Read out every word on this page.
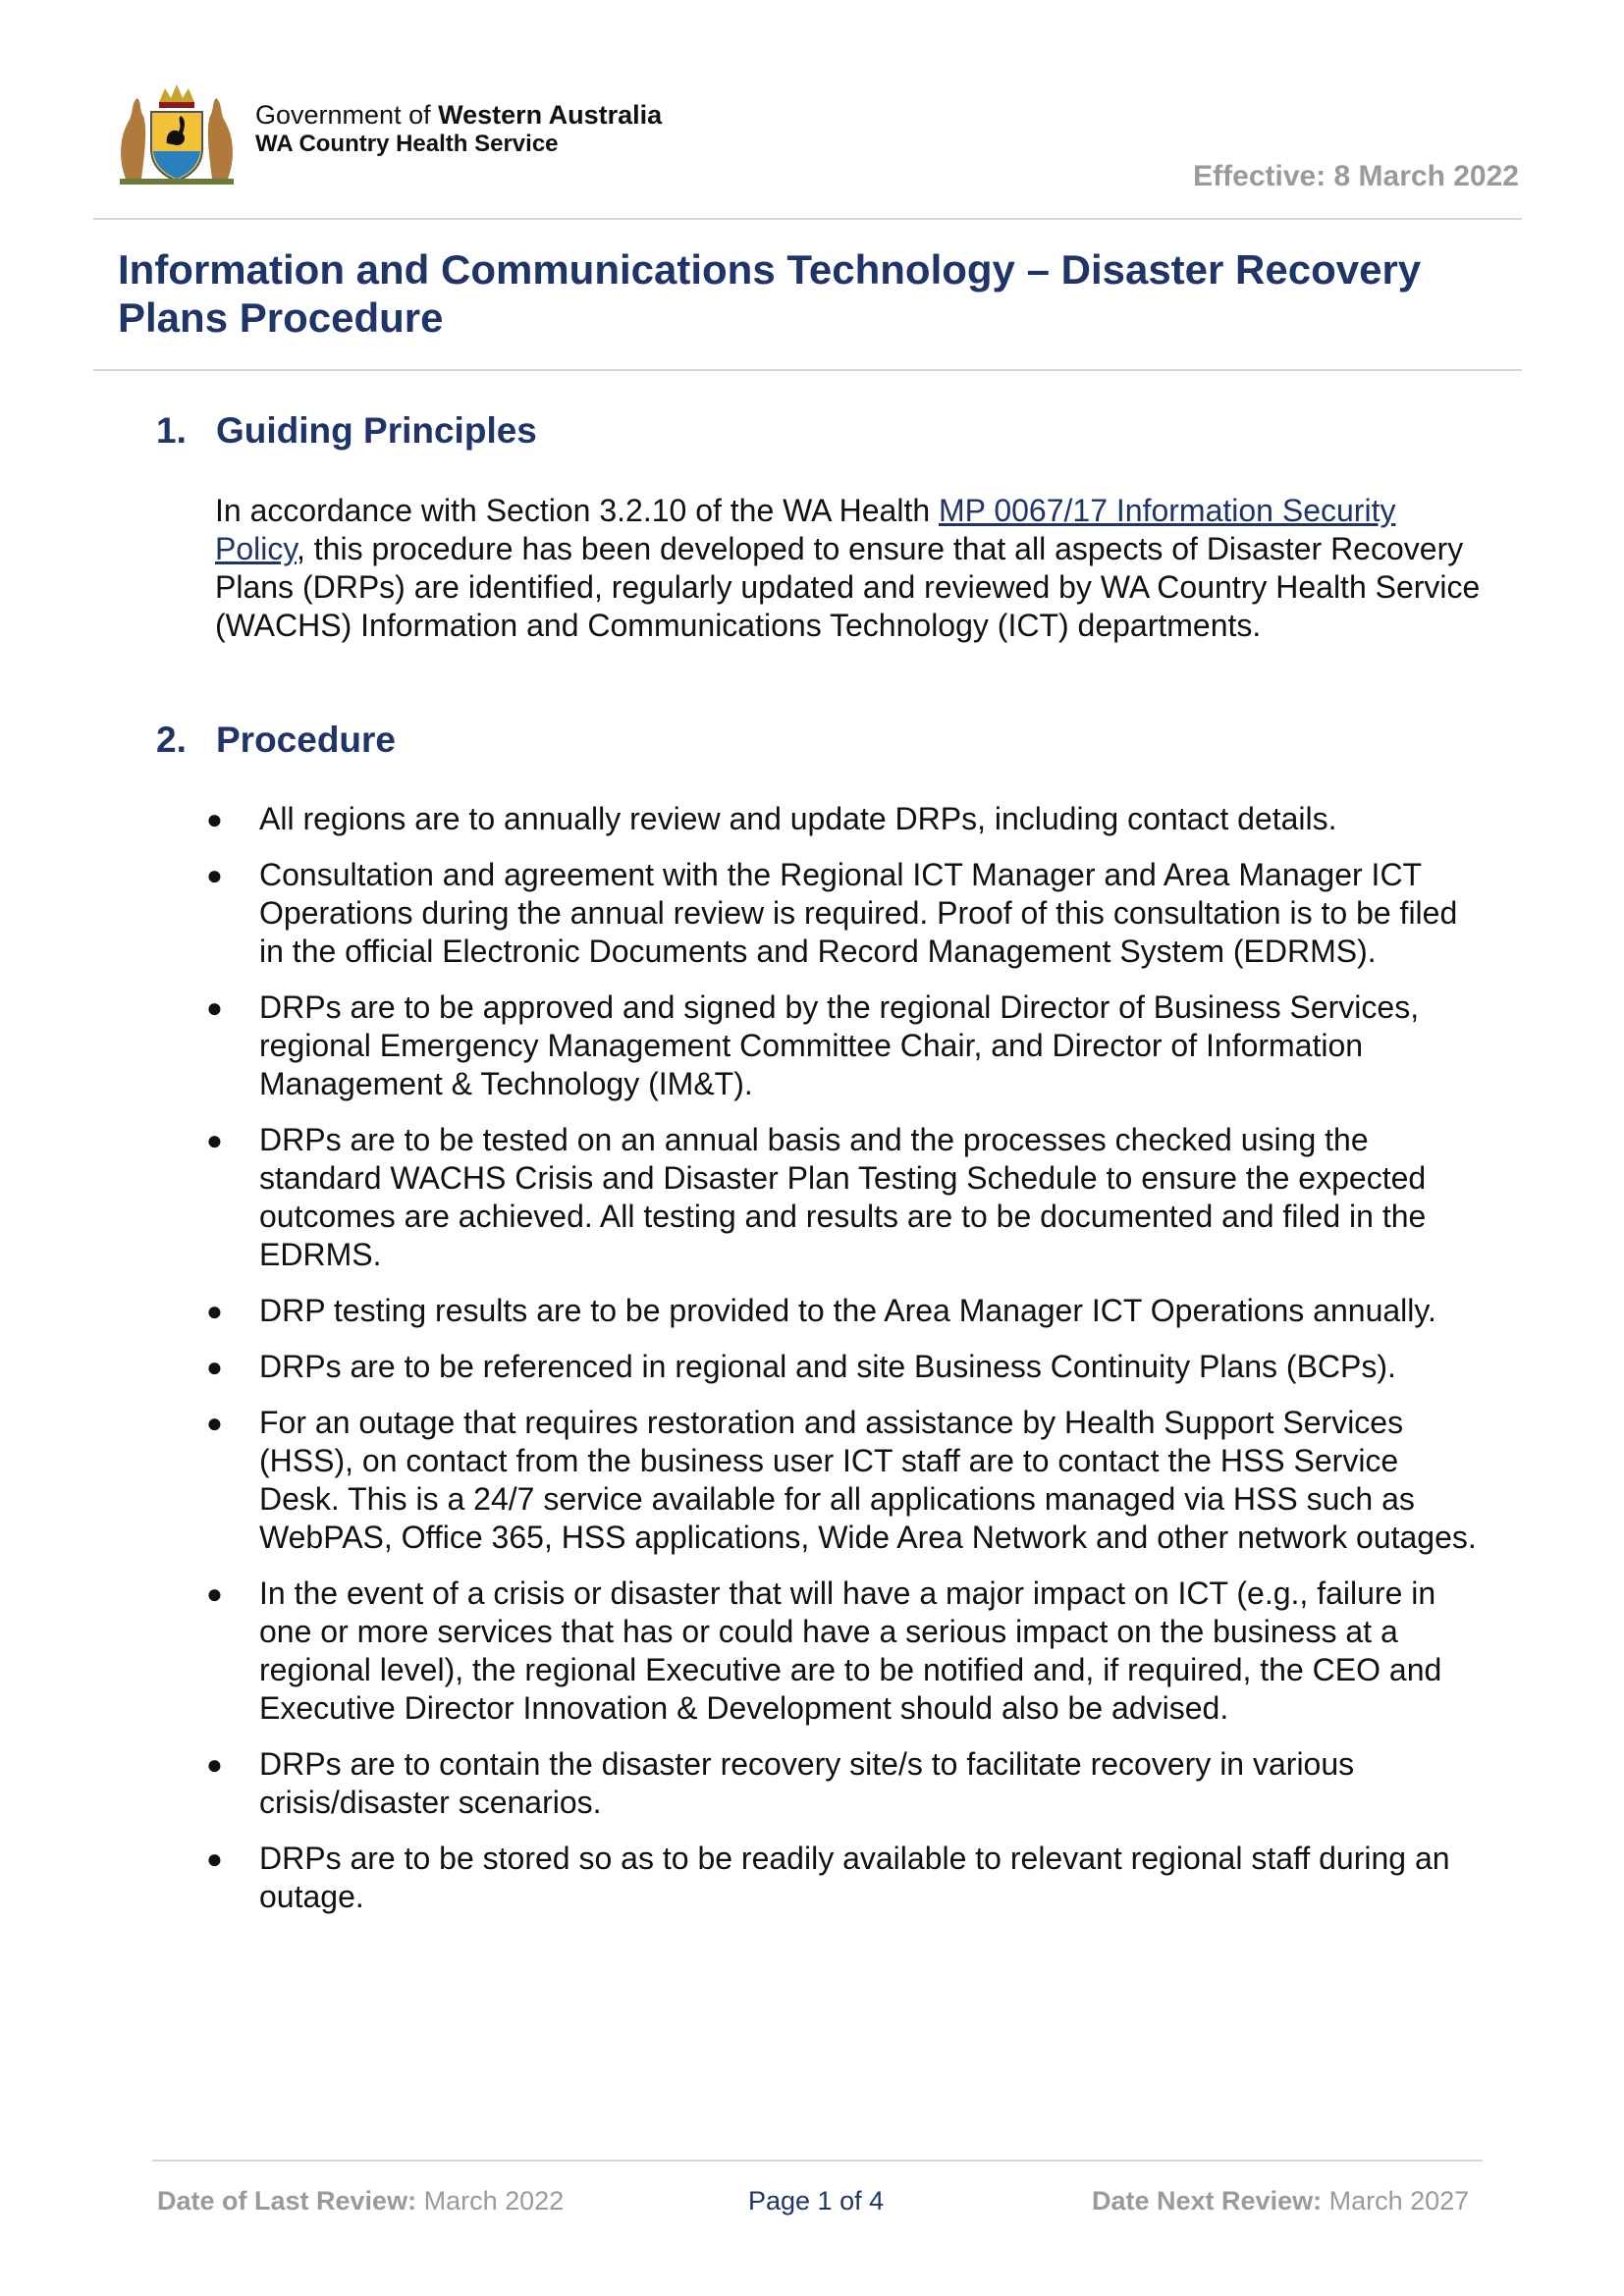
Government of Western Australia
WA Country Health Service
Effective: 8 March 2022
Information and Communications Technology – Disaster Recovery Plans Procedure
1. Guiding Principles
In accordance with Section 3.2.10 of the WA Health MP 0067/17 Information Security Policy, this procedure has been developed to ensure that all aspects of Disaster Recovery Plans (DRPs) are identified, regularly updated and reviewed by WA Country Health Service (WACHS) Information and Communications Technology (ICT) departments.
2. Procedure
● All regions are to annually review and update DRPs, including contact details.
● Consultation and agreement with the Regional ICT Manager and Area Manager ICT Operations during the annual review is required. Proof of this consultation is to be filed in the official Electronic Documents and Record Management System (EDRMS).
● DRPs are to be approved and signed by the regional Director of Business Services, regional Emergency Management Committee Chair, and Director of Information Management & Technology (IM&T).
● DRPs are to be tested on an annual basis and the processes checked using the standard WACHS Crisis and Disaster Plan Testing Schedule to ensure the expected outcomes are achieved. All testing and results are to be documented and filed in the EDRMS.
● DRP testing results are to be provided to the Area Manager ICT Operations annually.
● DRPs are to be referenced in regional and site Business Continuity Plans (BCPs).
● For an outage that requires restoration and assistance by Health Support Services (HSS), on contact from the business user ICT staff are to contact the HSS Service Desk. This is a 24/7 service available for all applications managed via HSS such as WebPAS, Office 365, HSS applications, Wide Area Network and other network outages.
● In the event of a crisis or disaster that will have a major impact on ICT (e.g., failure in one or more services that has or could have a serious impact on the business at a regional level), the regional Executive are to be notified and, if required, the CEO and Executive Director Innovation & Development should also be advised.
● DRPs are to contain the disaster recovery site/s to facilitate recovery in various crisis/disaster scenarios.
● DRPs are to be stored so as to be readily available to relevant regional staff during an outage.
Date of Last Review: March 2022	Page 1 of 4	Date Next Review: March 2027
